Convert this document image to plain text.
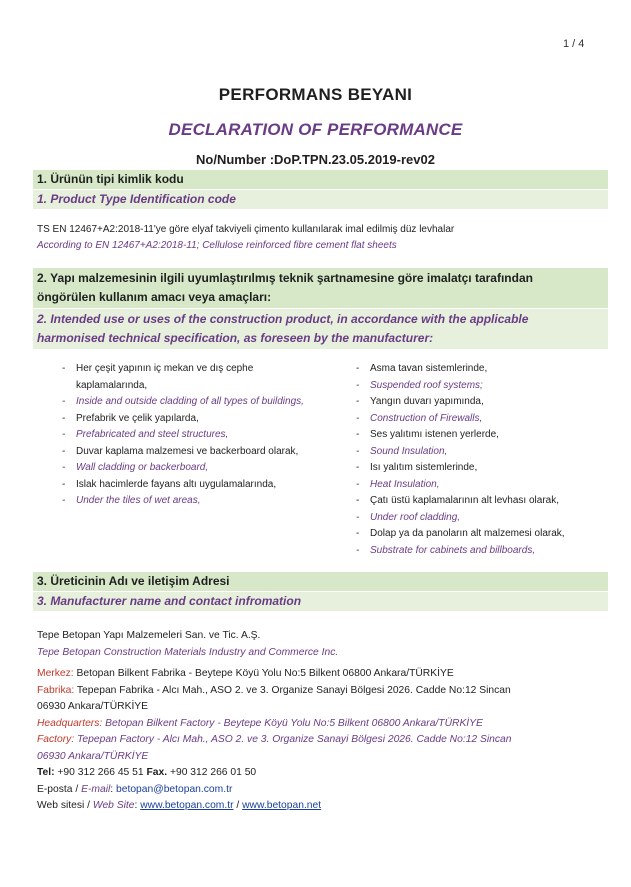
1 / 4
PERFORMANS BEYANI
DECLARATION OF PERFORMANCE
No/Number :DoP.TPN.23.05.2019-rev02
1. Ürünün tipi kimlik kodu
1. Product Type Identification code
TS EN 12467+A2:2018-11'ye göre elyaf takviyeli çimento kullanılarak imal edilmiş düz levhalar
According to EN 12467+A2:2018-11; Cellulose reinforced fibre cement flat sheets
2. Yapı malzemesinin ilgili uyumlaştırılmış teknik şartnamesine göre imalatçı tarafından
öngörülen kullanım amacı veya amaçları:
2. Intended use or uses of the construction product, in accordance with the applicable
harmonised technical specification, as foreseen by the manufacturer:
- Her çeşit yapının iç mekan ve dış cephe kaplamalarında,
- Inside and outside cladding of all types of buildings,
- Prefabrik ve çelik yapılarda,
- Prefabricated and steel structures,
- Duvar kaplama malzemesi ve backerboard olarak,
- Wall cladding or backerboard,
- Islak hacimlerde fayans altı uygulamalarında,
- Under the tiles of wet areas,
- Asma tavan sistemlerinde,
- Suspended roof systems;
- Yangın duvarı yapımında,
- Construction of Firewalls,
- Ses yalıtımı istenen yerlerde,
- Sound Insulation,
- Isı yalıtım sistemlerinde,
- Heat Insulation,
- Çatı üstü kaplamalarının alt levhası olarak,
- Under roof cladding,
- Dolap ya da panoların alt malzemesi olarak,
- Substrate for cabinets and billboards,
3. Üreticinin Adı ve iletişim Adresi
3. Manufacturer name and contact infromation
Tepe Betopan Yapı Malzemeleri San. ve Tic. A.Ş.
Tepe Betopan Construction Materials Industry and Commerce Inc.
Merkez: Betopan Bilkent Fabrika - Beytepe Köyü Yolu No:5 Bilkent 06800 Ankara/TÜRKİYE
Fabrika: Tepepan Fabrika - Alcı Mah., ASO 2. ve 3. Organize Sanayi Bölgesi 2026. Cadde No:12 Sincan
06930 Ankara/TÜRKİYE
Headquarters: Betopan Bilkent Factory - Beytepe Köyü Yolu No:5 Bilkent 06800 Ankara/TÜRKİYE
Factory: Tepepan Factory - Alcı Mah., ASO 2. ve 3. Organize Sanayi Bölgesi 2026. Cadde No:12 Sincan
06930 Ankara/TÜRKİYE
Tel: +90 312 266 45 51 Fax. +90 312 266 01 50
E-posta / E-mail: betopan@betopan.com.tr
Web sitesi / Web Site: www.betopan.com.tr / www.betopan.net
